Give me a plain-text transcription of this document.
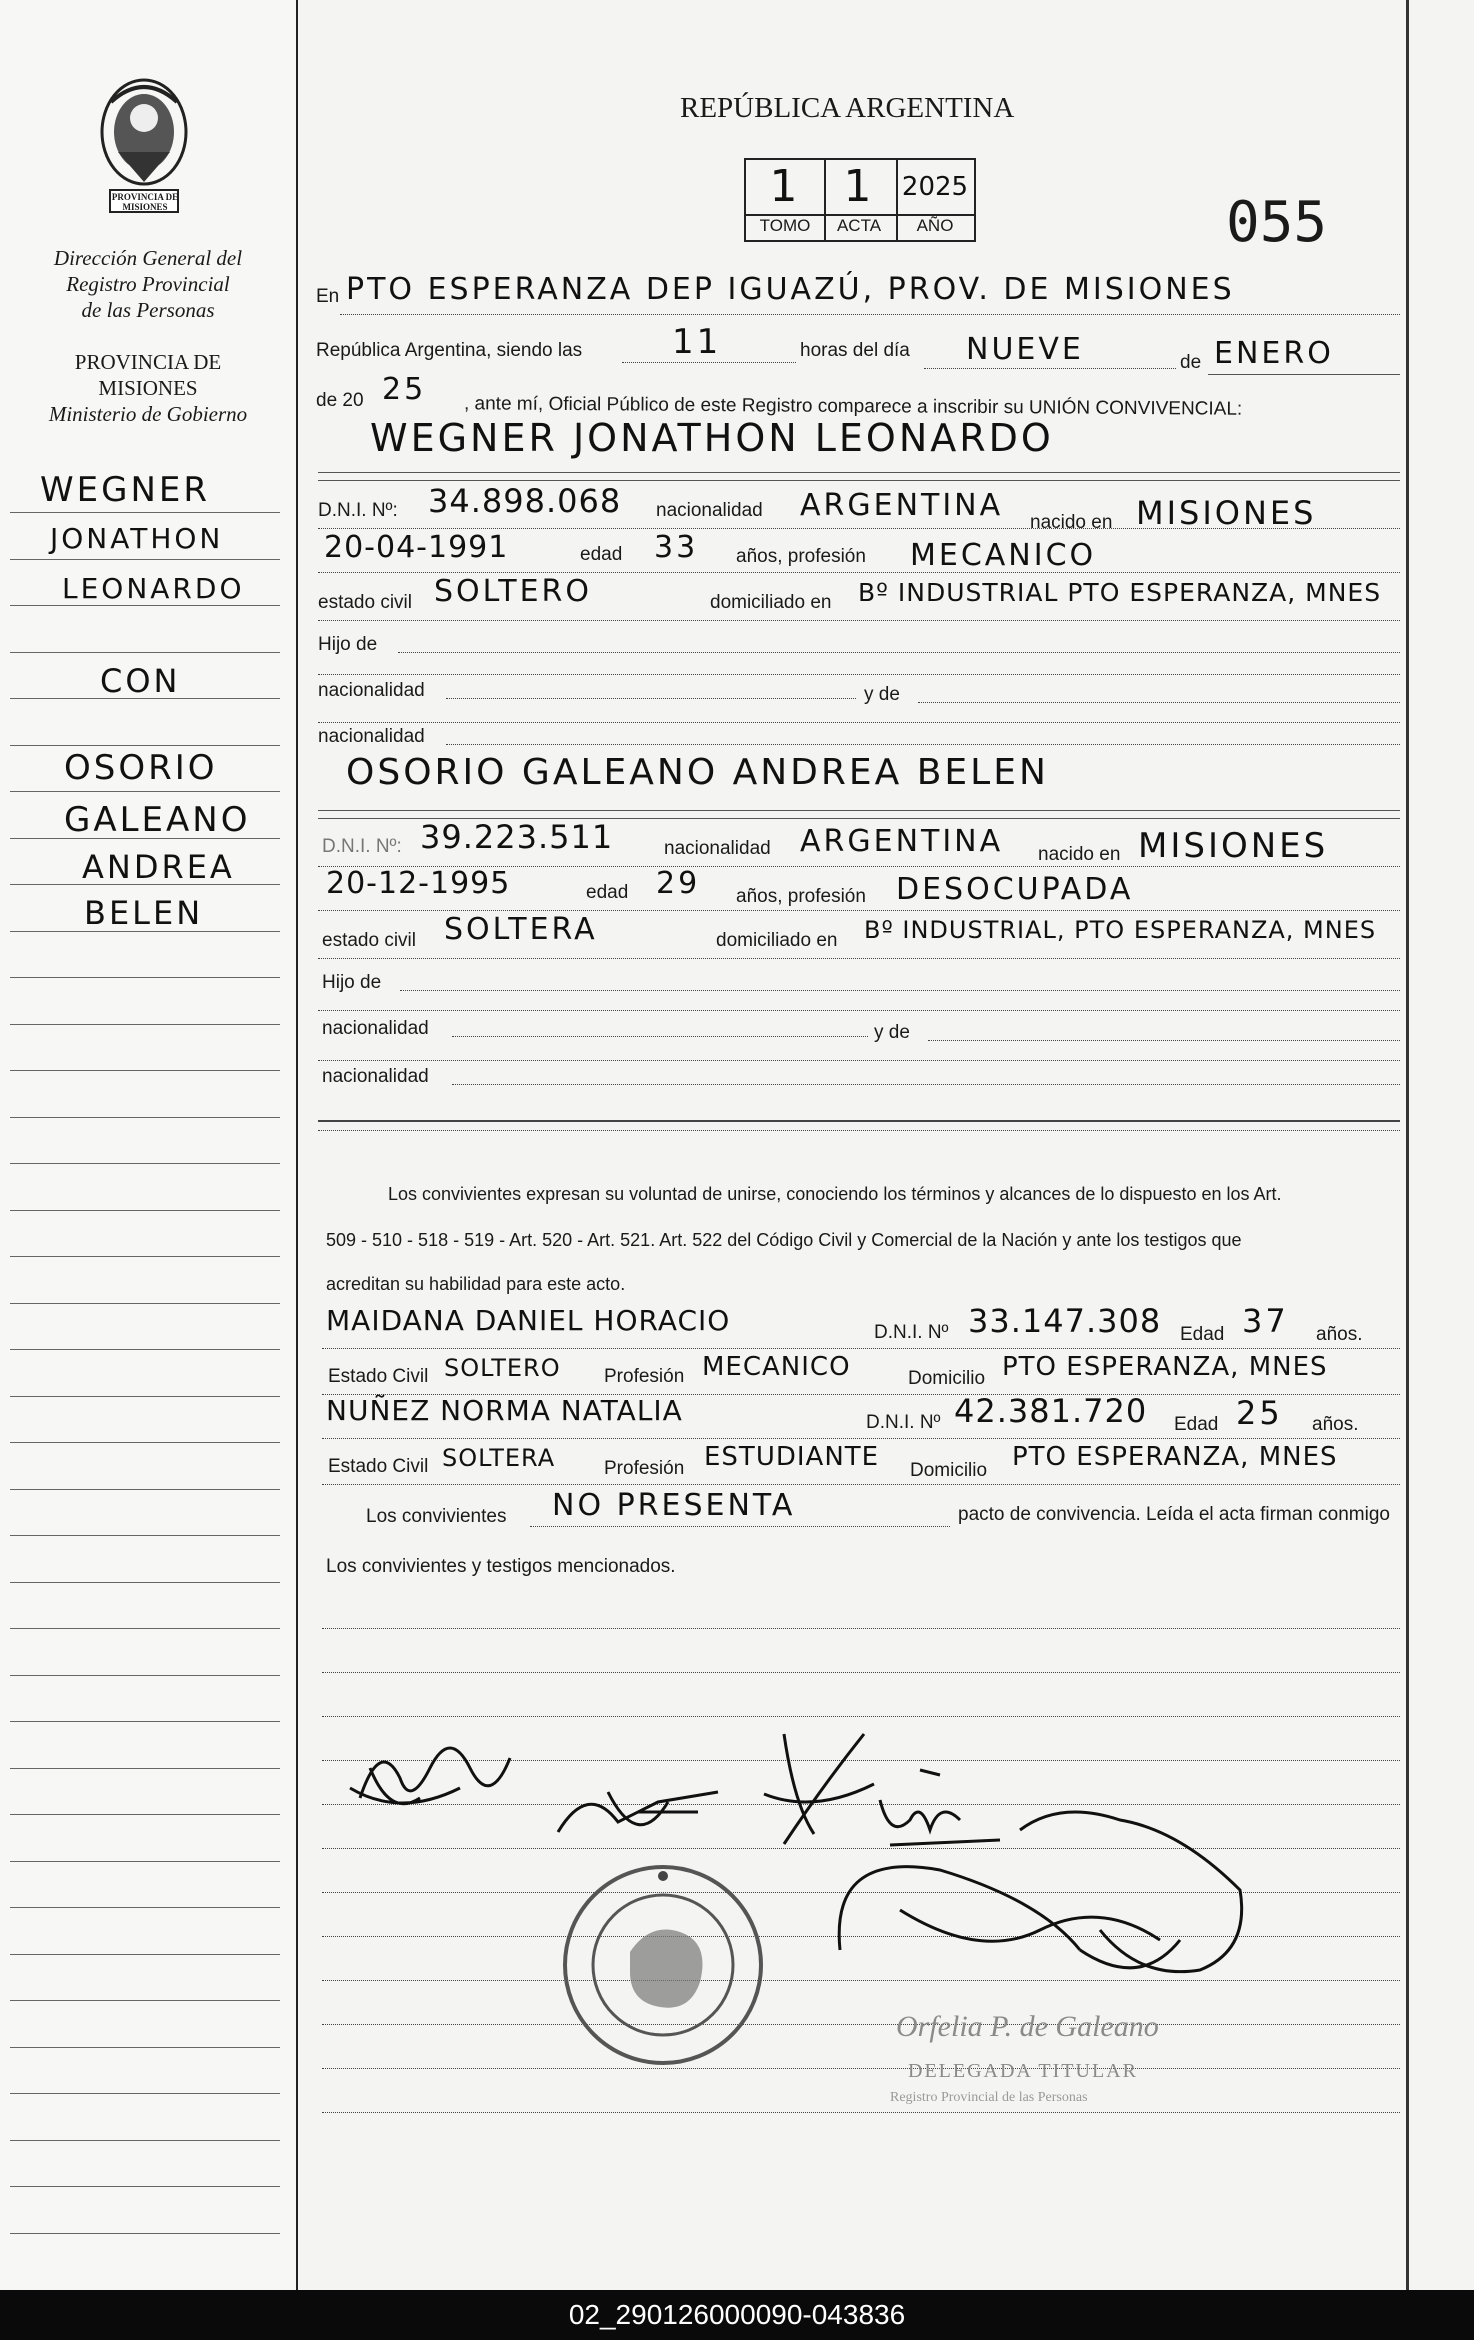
PROVINCIA DE MISIONES
Dirección General del
Registro Provincial
de las Personas
PROVINCIA DE
MISIONES
Ministerio de Gobierno
WEGNER
JONATHON
LEONARDO
CON
OSORIO
GALEANO
ANDREA
BELEN
REPÚBLICA ARGENTINA
1 1	2025
TOMO	ACTA	AÑO	055
En PTO ESPERANZA DEP IGUAZÚ, PROV. DE MISIONES
República Argentina, siendo las	11	horas del día NUEVE	de ENERO
de 20 25 , ante mí, Oficial Público de este Registro comparece a inscribir su UNIÓN CONVIVENCIAL:
WEGNER JONATHON LEONARDO
D.N.I. Nº: 34.898.068 nacionalidad ARGENTINA nacido en MISIONES
20-04-1991	edad 33 años, profesión MECANICO
estado civil SOLTERO	domiciliado en Bº INDUSTRIAL PTO ESPERANZA, MNES
Hijo de
nacionalidad	y de
nacionalidad
OSORIO GALEANO ANDREA BELEN
D.N.I. Nº: 39.223.511	nacionalidad ARGENTINA nacido en MISIONES
20-12-1995	edad 29 años, profesión DESOCUPADA
estado civil SOLTERA	domiciliado en Bº INDUSTRIAL, PTO ESPERANZA, MNES
Hijo de
nacionalidad	y de
nacionalidad
Los convivientes expresan su voluntad de unirse, conociendo los términos y alcances de lo dispuesto en los Art.
509 - 510 - 518 - 519 - Art. 520 - Art. 521. Art. 522 del Código Civil y Comercial de la Nación y ante los testigos que
acreditan su habilidad para este acto.
MAIDANA DANIEL HORACIO	D.N.I. Nº 33.147.308 Edad 37 años.
Estado Civil SOLTERO Profesión MECANICO	Domicilio PTO ESPERANZA, MNES
NUÑEZ NORMA NATALIA	D.N.I. Nº 42.381.720 Edad 25 años.
Estado Civil SOLTERA	Profesión ESTUDIANTE Domicilio PTO ESPERANZA, MNES
Los convivientes NO PRESENTA	pacto de convivencia. Leída el acta firman conmigo
Los convivientes y testigos mencionados.
Orfelia P. de Galeano
DELEGADA TITULAR
Registro Provincial de las Personas
02_290126000090-043836
